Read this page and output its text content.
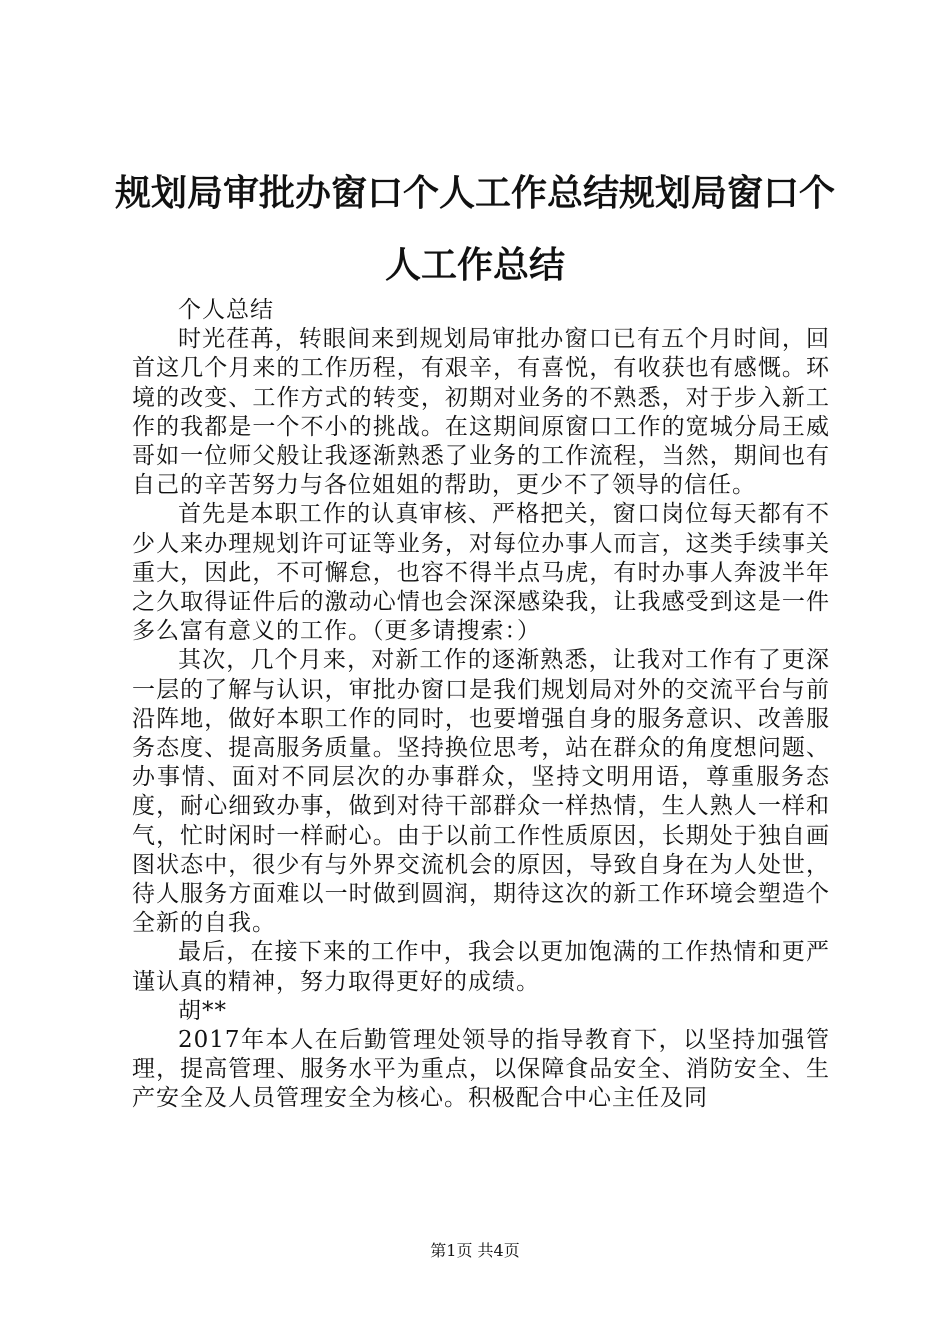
规划局审批办窗口个人工作总结规划局窗口个人工作总结

个人总结

时光荏苒，转眼间来到规划局审批办窗口已有五个月时间，回首这几个月来的工作历程，有艰辛，有喜悦，有收获也有感慨。环境的改变、工作方式的转变，初期对业务的不熟悉，对于步入新工作的我都是一个不小的挑战。在这期间原窗口工作的宽城分局王威哥如一位师父般让我逐渐熟悉了业务的工作流程，当然，期间也有自己的辛苦努力与各位姐姐的帮助，更少不了领导的信任。

首先是本职工作的认真审核、严格把关，窗口岗位每天都有不少人来办理规划许可证等业务，对每位办事人而言，这类手续事关重大，因此，不可懈怠，也容不得半点马虎，有时办事人奔波半年之久取得证件后的激动心情也会深深感染我，让我感受到这是一件多么富有意义的工作。（更多请搜索：）

其次，几个月来，对新工作的逐渐熟悉，让我对工作有了更深一层的了解与认识，审批办窗口是我们规划局对外的交流平台与前沿阵地，做好本职工作的同时，也要增强自身的服务意识、改善服务态度、提高服务质量。坚持换位思考，站在群众的角度想问题、办事情、面对不同层次的办事群众，坚持文明用语，尊重服务态度，耐心细致办事，做到对待干部群众一样热情，生人熟人一样和气，忙时闲时一样耐心。由于以前工作性质原因，长期处于独自画图状态中，很少有与外界交流机会的原因，导致自身在为人处世，待人服务方面难以一时做到圆润，期待这次的新工作环境会塑造个全新的自我。

最后，在接下来的工作中，我会以更加饱满的工作热情和更严谨认真的精神，努力取得更好的成绩。

胡**

2017年本人在后勤管理处领导的指导教育下，以坚持加强管理，提高管理、服务水平为重点，以保障食品安全、消防安全、生产安全及人员管理安全为核心。积极配合中心主任及同

第1页 共4页
